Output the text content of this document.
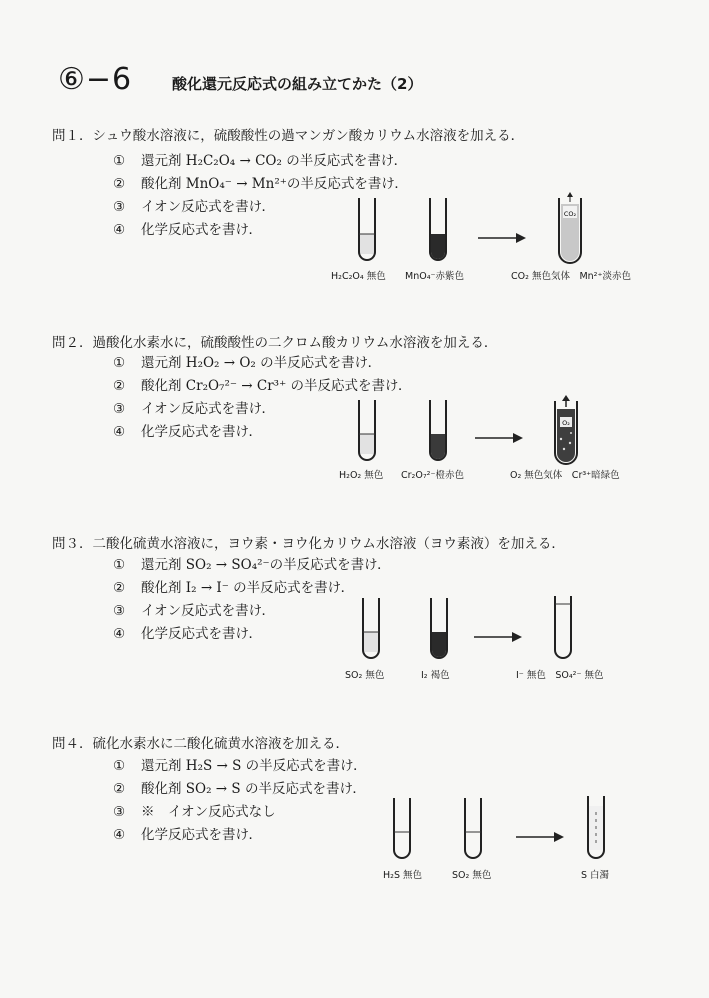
⑥−6	酸化還元反応式の組み立てかた（2）
問１．シュウ酸水溶液に，硫酸酸性の過マンガン酸カリウム水溶液を加える．
① 還元剤 H₂C₂O₄ → CO₂ の半反応式を書け．
② 酸化剤 MnO₄⁻ → Mn²⁺の半反応式を書け．
③ イオン反応式を書け．
④ 化学反応式を書け．
CO₂
H₂C₂O₄ 無色 MnO₄⁻赤紫色	CO₂ 無色気体　Mn²⁺淡赤色
問２．過酸化水素水に，硫酸酸性の二クロム酸カリウム水溶液を加える．
① 還元剤 H₂O₂ → O₂ の半反応式を書け．
② 酸化剤 Cr₂O₇²⁻ → Cr³⁺ の半反応式を書け．
③ イオン反応式を書け．
④ 化学反応式を書け．
O₂
H₂O₂ 無色 Cr₂O₇²⁻橙赤色	O₂ 無色気体　Cr³⁺暗緑色
問３．二酸化硫黄水溶液に，ヨウ素・ヨウ化カリウム水溶液（ヨウ素液）を加える．
① 還元剤 SO₂ → SO₄²⁻の半反応式を書け．
② 酸化剤 I₂ → I⁻ の半反応式を書け．
③ イオン反応式を書け．
④ 化学反応式を書け．
SO₂ 無色	I₂ 褐色	I⁻ 無色　SO₄²⁻ 無色
問４．硫化水素水に二酸化硫黄水溶液を加える．
① 還元剤 H₂S → S の半反応式を書け．
② 酸化剤 SO₂ → S の半反応式を書け．
③ ※　イオン反応式なし
④ 化学反応式を書け．
H₂S 無色	SO₂ 無色	S 白濁
